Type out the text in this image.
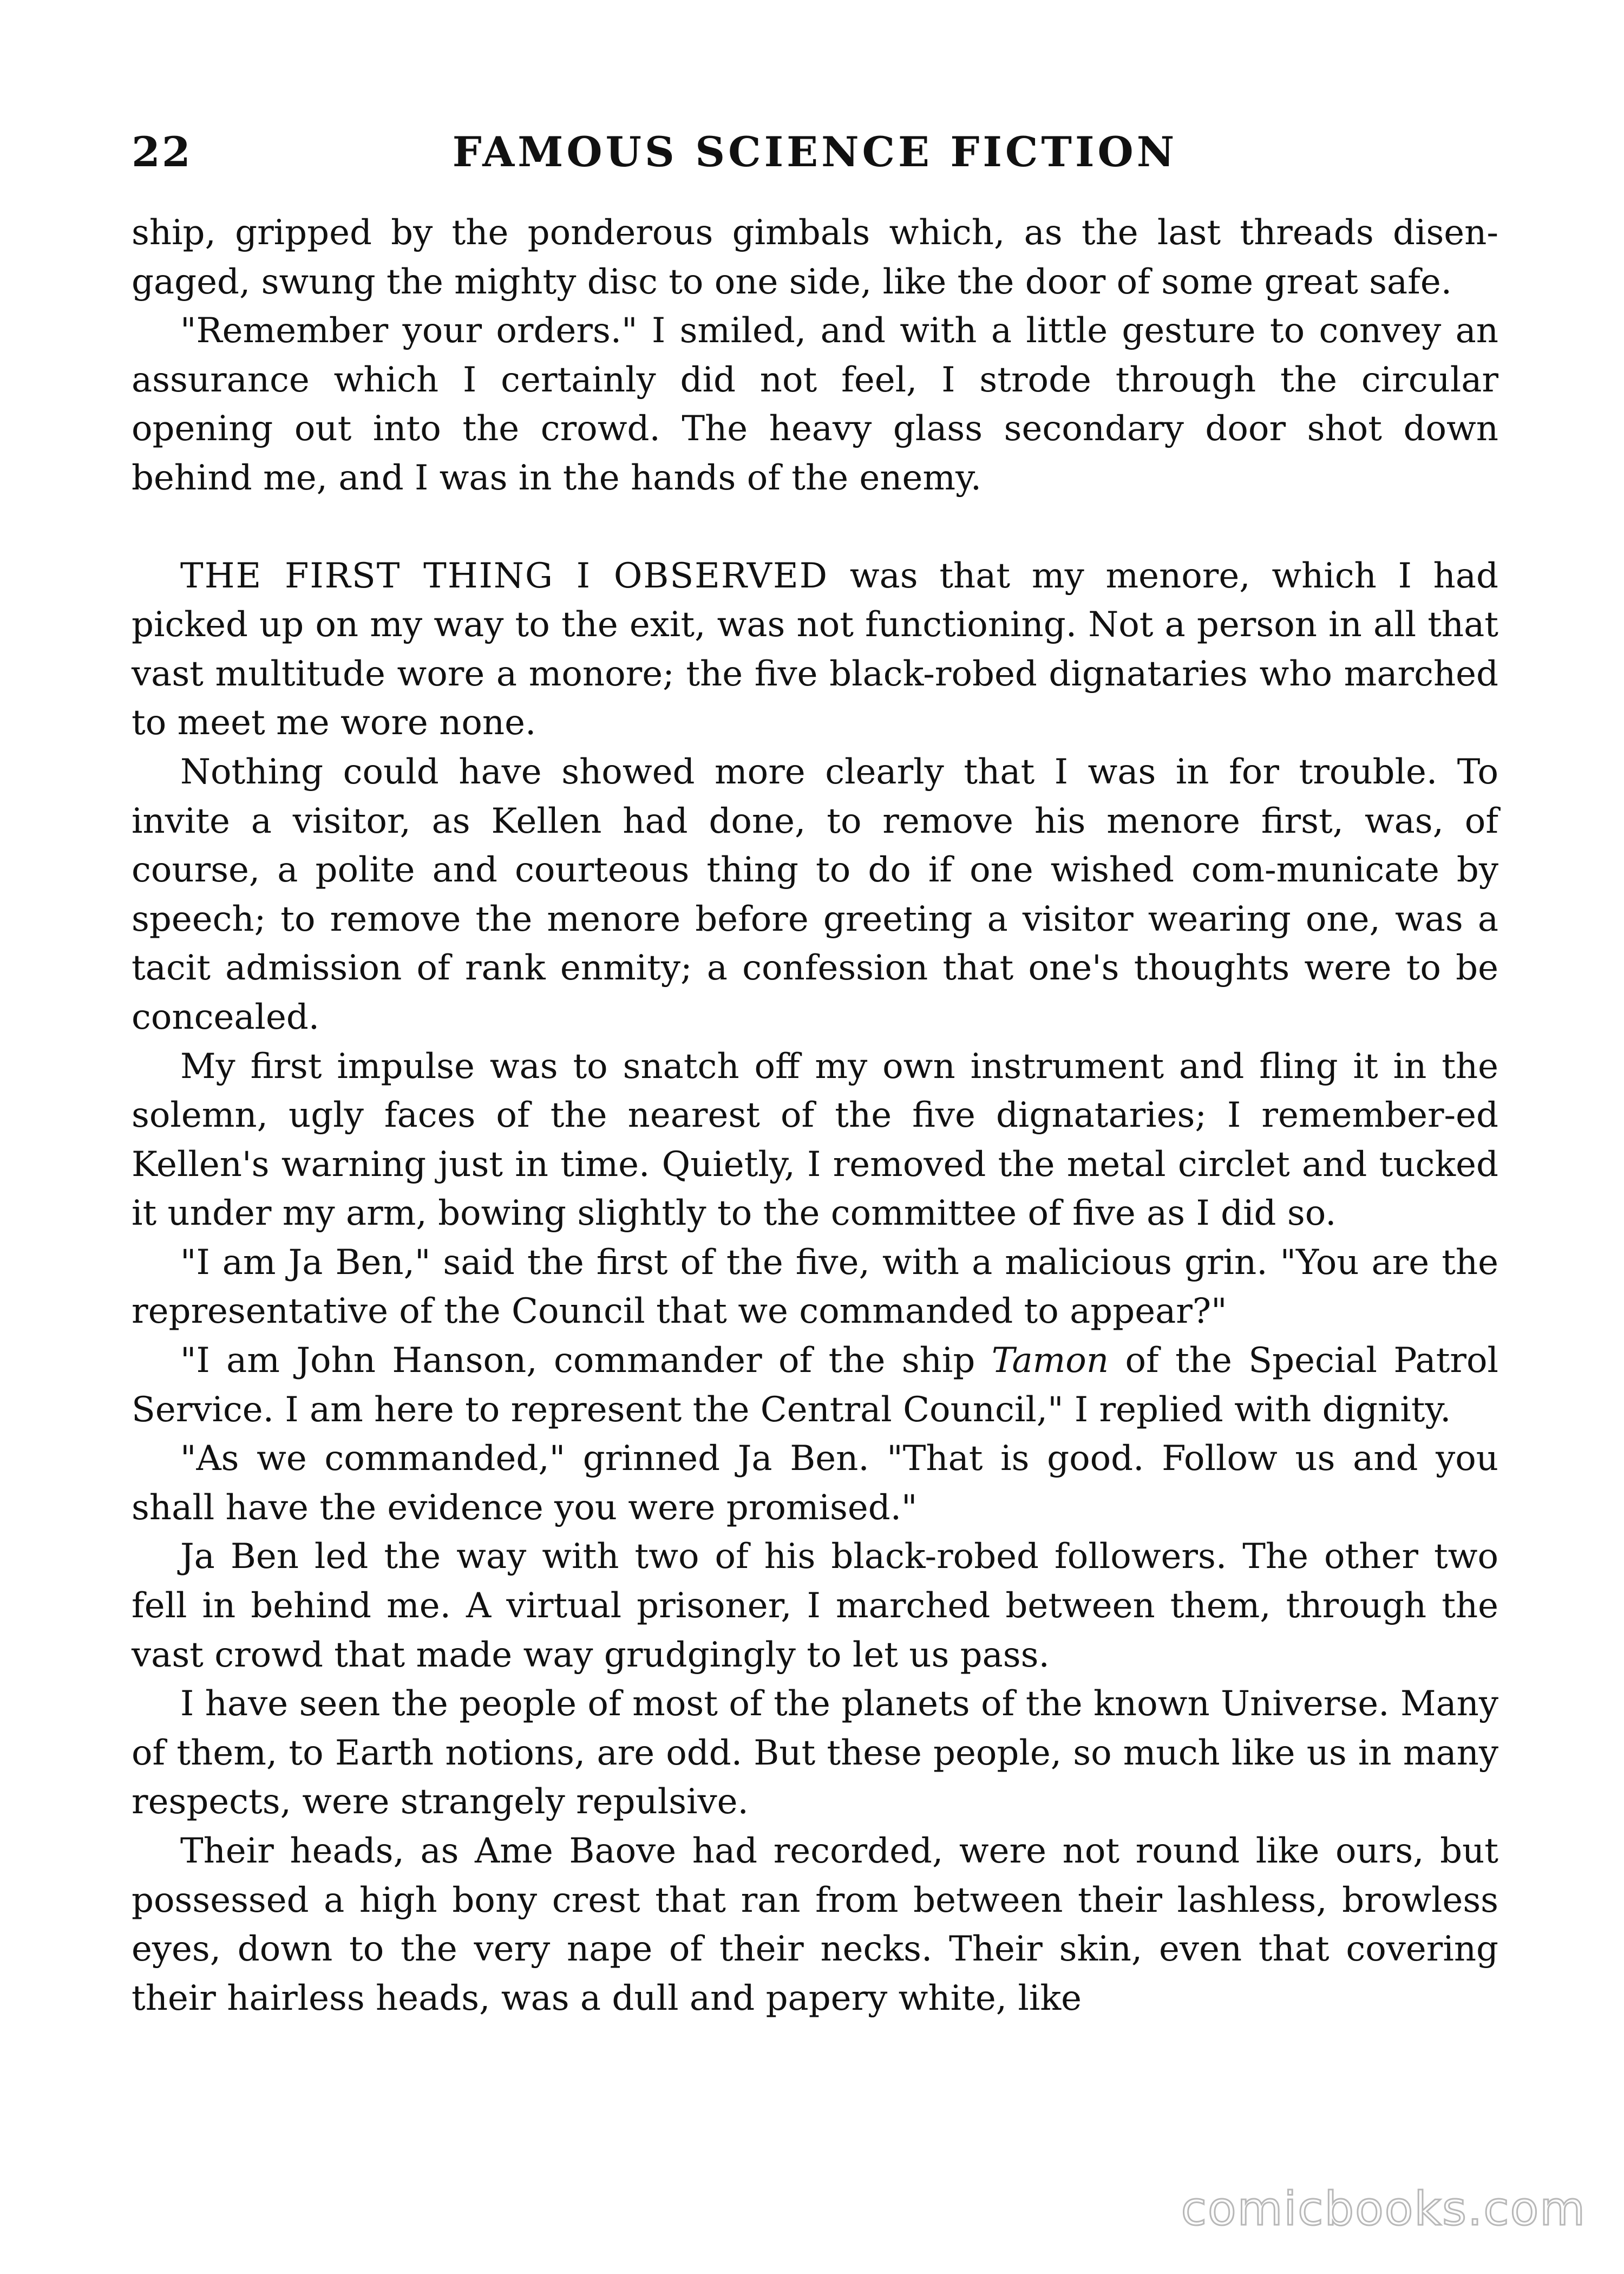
22	FAMOUS SCIENCE FICTION

ship, gripped by the ponderous gimbals which, as the last threads disen-gaged, swung the mighty disc to one side, like the door of some great safe.

"Remember your orders." I smiled, and with a little gesture to convey an assurance which I certainly did not feel, I strode through the circular opening out into the crowd. The heavy glass secondary door shot down behind me, and I was in the hands of the enemy.

THE FIRST THING I OBSERVED was that my menore, which I had picked up on my way to the exit, was not functioning. Not a person in all that vast multitude wore a monore; the five black-robed dignataries who marched to meet me wore none.

Nothing could have showed more clearly that I was in for trouble. To invite a visitor, as Kellen had done, to remove his menore first, was, of course, a polite and courteous thing to do if one wished com-municate by speech; to remove the menore before greeting a visitor wearing one, was a tacit admission of rank enmity; a confession that one's thoughts were to be concealed.

My first impulse was to snatch off my own instrument and fling it in the solemn, ugly faces of the nearest of the five dignataries; I remember-ed Kellen's warning just in time. Quietly, I removed the metal circlet and tucked it under my arm, bowing slightly to the committee of five as I did so.

"I am Ja Ben," said the first of the five, with a malicious grin. "You are the representative of the Council that we commanded to appear?"

"I am John Hanson, commander of the ship Tamon of the Special Patrol Service. I am here to represent the Central Council," I replied with dignity.

"As we commanded," grinned Ja Ben. "That is good. Follow us and you shall have the evidence you were promised."

Ja Ben led the way with two of his black-robed followers. The other two fell in behind me. A virtual prisoner, I marched between them, through the vast crowd that made way grudgingly to let us pass.

I have seen the people of most of the planets of the known Universe. Many of them, to Earth notions, are odd. But these people, so much like us in many respects, were strangely repulsive.

Their heads, as Ame Baove had recorded, were not round like ours, but possessed a high bony crest that ran from between their lashless, browless eyes, down to the very nape of their necks. Their skin, even that covering their hairless heads, was a dull and papery white, like

comicbooks.com
